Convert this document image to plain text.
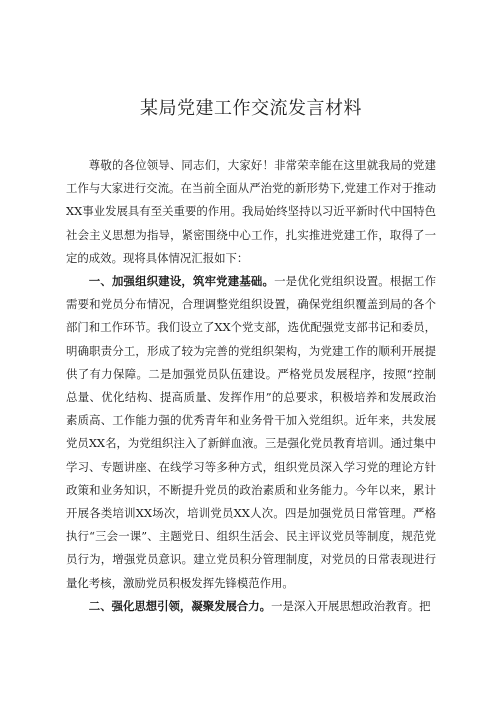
某局党建工作交流发言材料

尊敬的各位领导、同志们，大家好！非常荣幸能在这里就我局的党建工作与大家进行交流。在当前全面从严治党的新形势下,党建工作对于推动XX事业发展具有至关重要的作用。我局始终坚持以习近平新时代中国特色社会主义思想为指导，紧密围绕中心工作，扎实推进党建工作，取得了一定的成效。现将具体情况汇报如下：

一、加强组织建设，筑牢党建基础。一是优化党组织设置。根据工作需要和党员分布情况，合理调整党组织设置，确保党组织覆盖到局的各个部门和工作环节。我们设立了XX个党支部，选优配强党支部书记和委员，明确职责分工，形成了较为完善的党组织架构，为党建工作的顺利开展提供了有力保障。二是加强党员队伍建设。严格党员发展程序，按照“控制总量、优化结构、提高质量、发挥作用”的总要求，积极培养和发展政治素质高、工作能力强的优秀青年和业务骨干加入党组织。近年来，共发展党员XX名，为党组织注入了新鲜血液。三是强化党员教育培训。通过集中学习、专题讲座、在线学习等多种方式，组织党员深入学习党的理论方针政策和业务知识，不断提升党员的政治素质和业务能力。今年以来，累计开展各类培训XX场次，培训党员XX人次。四是加强党员日常管理。严格执行“三会一课”、主题党日、组织生活会、民主评议党员等制度，规范党员行为，增强党员意识。建立党员积分管理制度，对党员的日常表现进行量化考核，激励党员积极发挥先锋模范作用。

二、强化思想引领，凝聚发展合力。一是深入开展思想政治教育。把
